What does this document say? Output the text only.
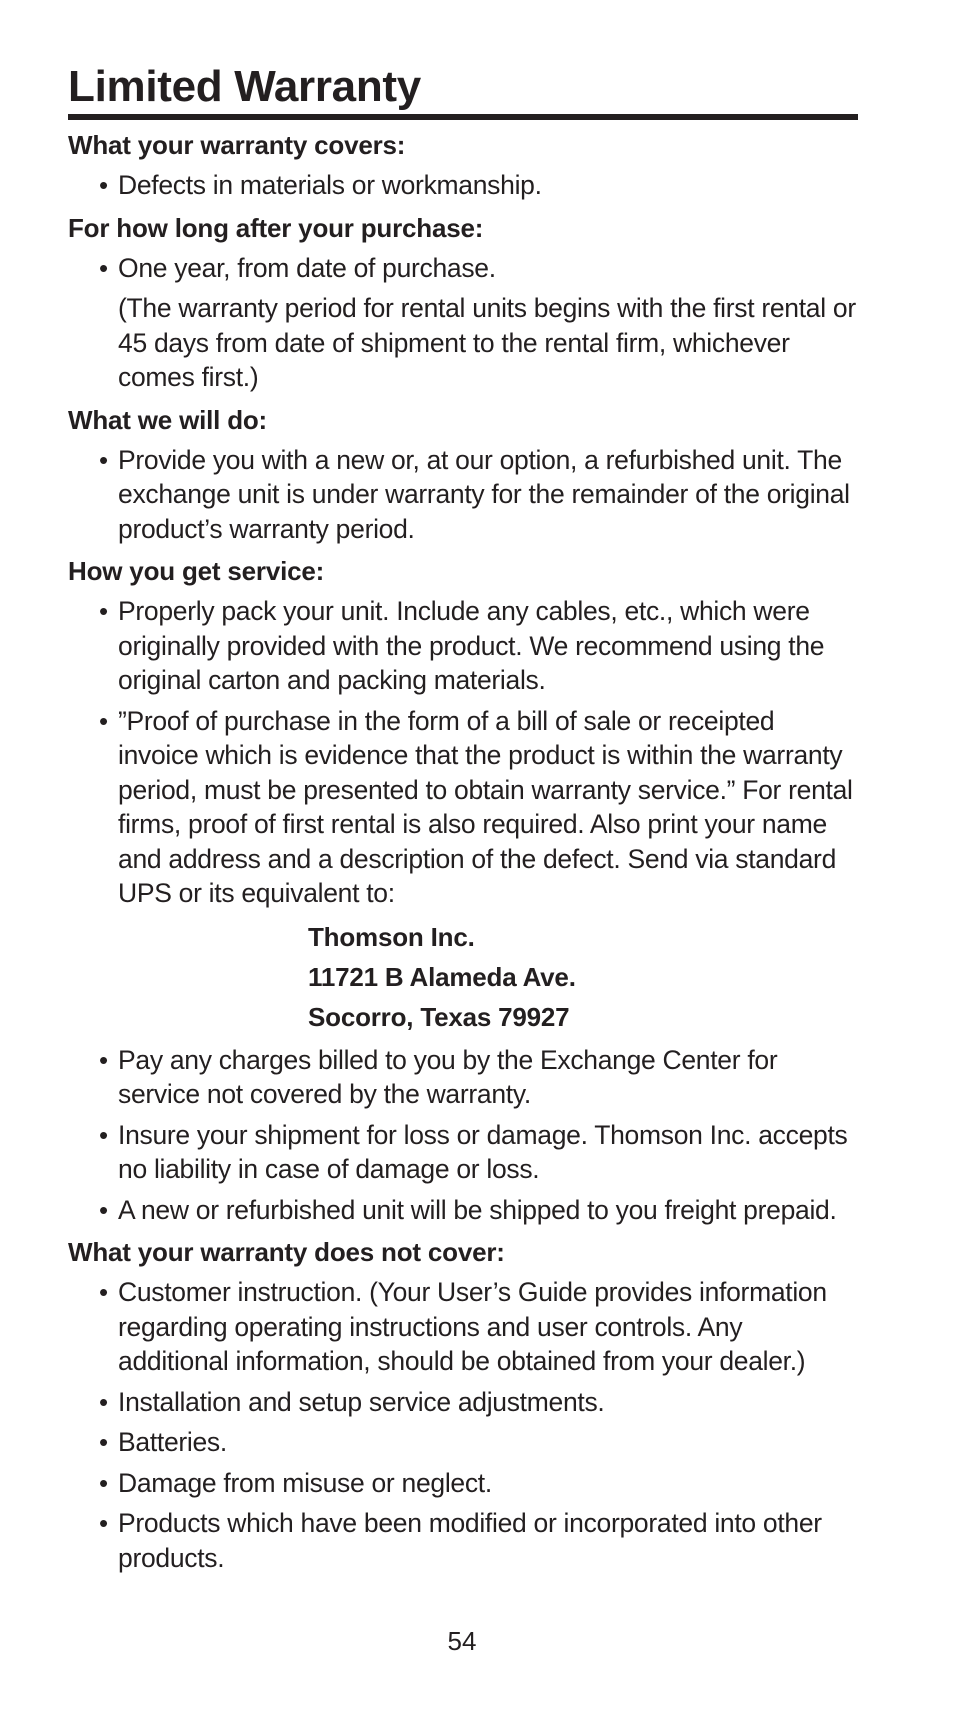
Limited Warranty
What your warranty covers:
• Defects in materials or workmanship.
For how long after your purchase:
• One year, from date of purchase.
(The warranty period for rental units begins with the first rental or 45 days from date of shipment to the rental firm, whichever comes first.)
What we will do:
• Provide you with a new or, at our option, a refurbished unit. The exchange unit is under warranty for the remainder of the original product’s warranty period.
How you get service:
• Properly pack your unit. Include any cables, etc., which were originally provided with the product. We recommend using the original carton and packing materials.
• ”Proof of purchase in the form of a bill of sale or receipted invoice which is evidence that the product is within the warranty period, must be presented to obtain warranty service.” For rental firms, proof of first rental is also required. Also print your name and address and a description of the defect. Send via standard UPS or its equivalent to:
Thomson Inc.
11721 B Alameda Ave.
Socorro, Texas 79927
• Pay any charges billed to you by the Exchange Center for service not covered by the warranty.
• Insure your shipment for loss or damage. Thomson Inc. accepts no liability in case of damage or loss.
• A new or refurbished unit will be shipped to you freight prepaid.
What your warranty does not cover:
• Customer instruction. (Your User’s Guide provides information regarding operating instructions and user controls. Any additional information, should be obtained from your dealer.)
• Installation and setup service adjustments.
• Batteries.
• Damage from misuse or neglect.
• Products which have been modified or incorporated into other products.
54
